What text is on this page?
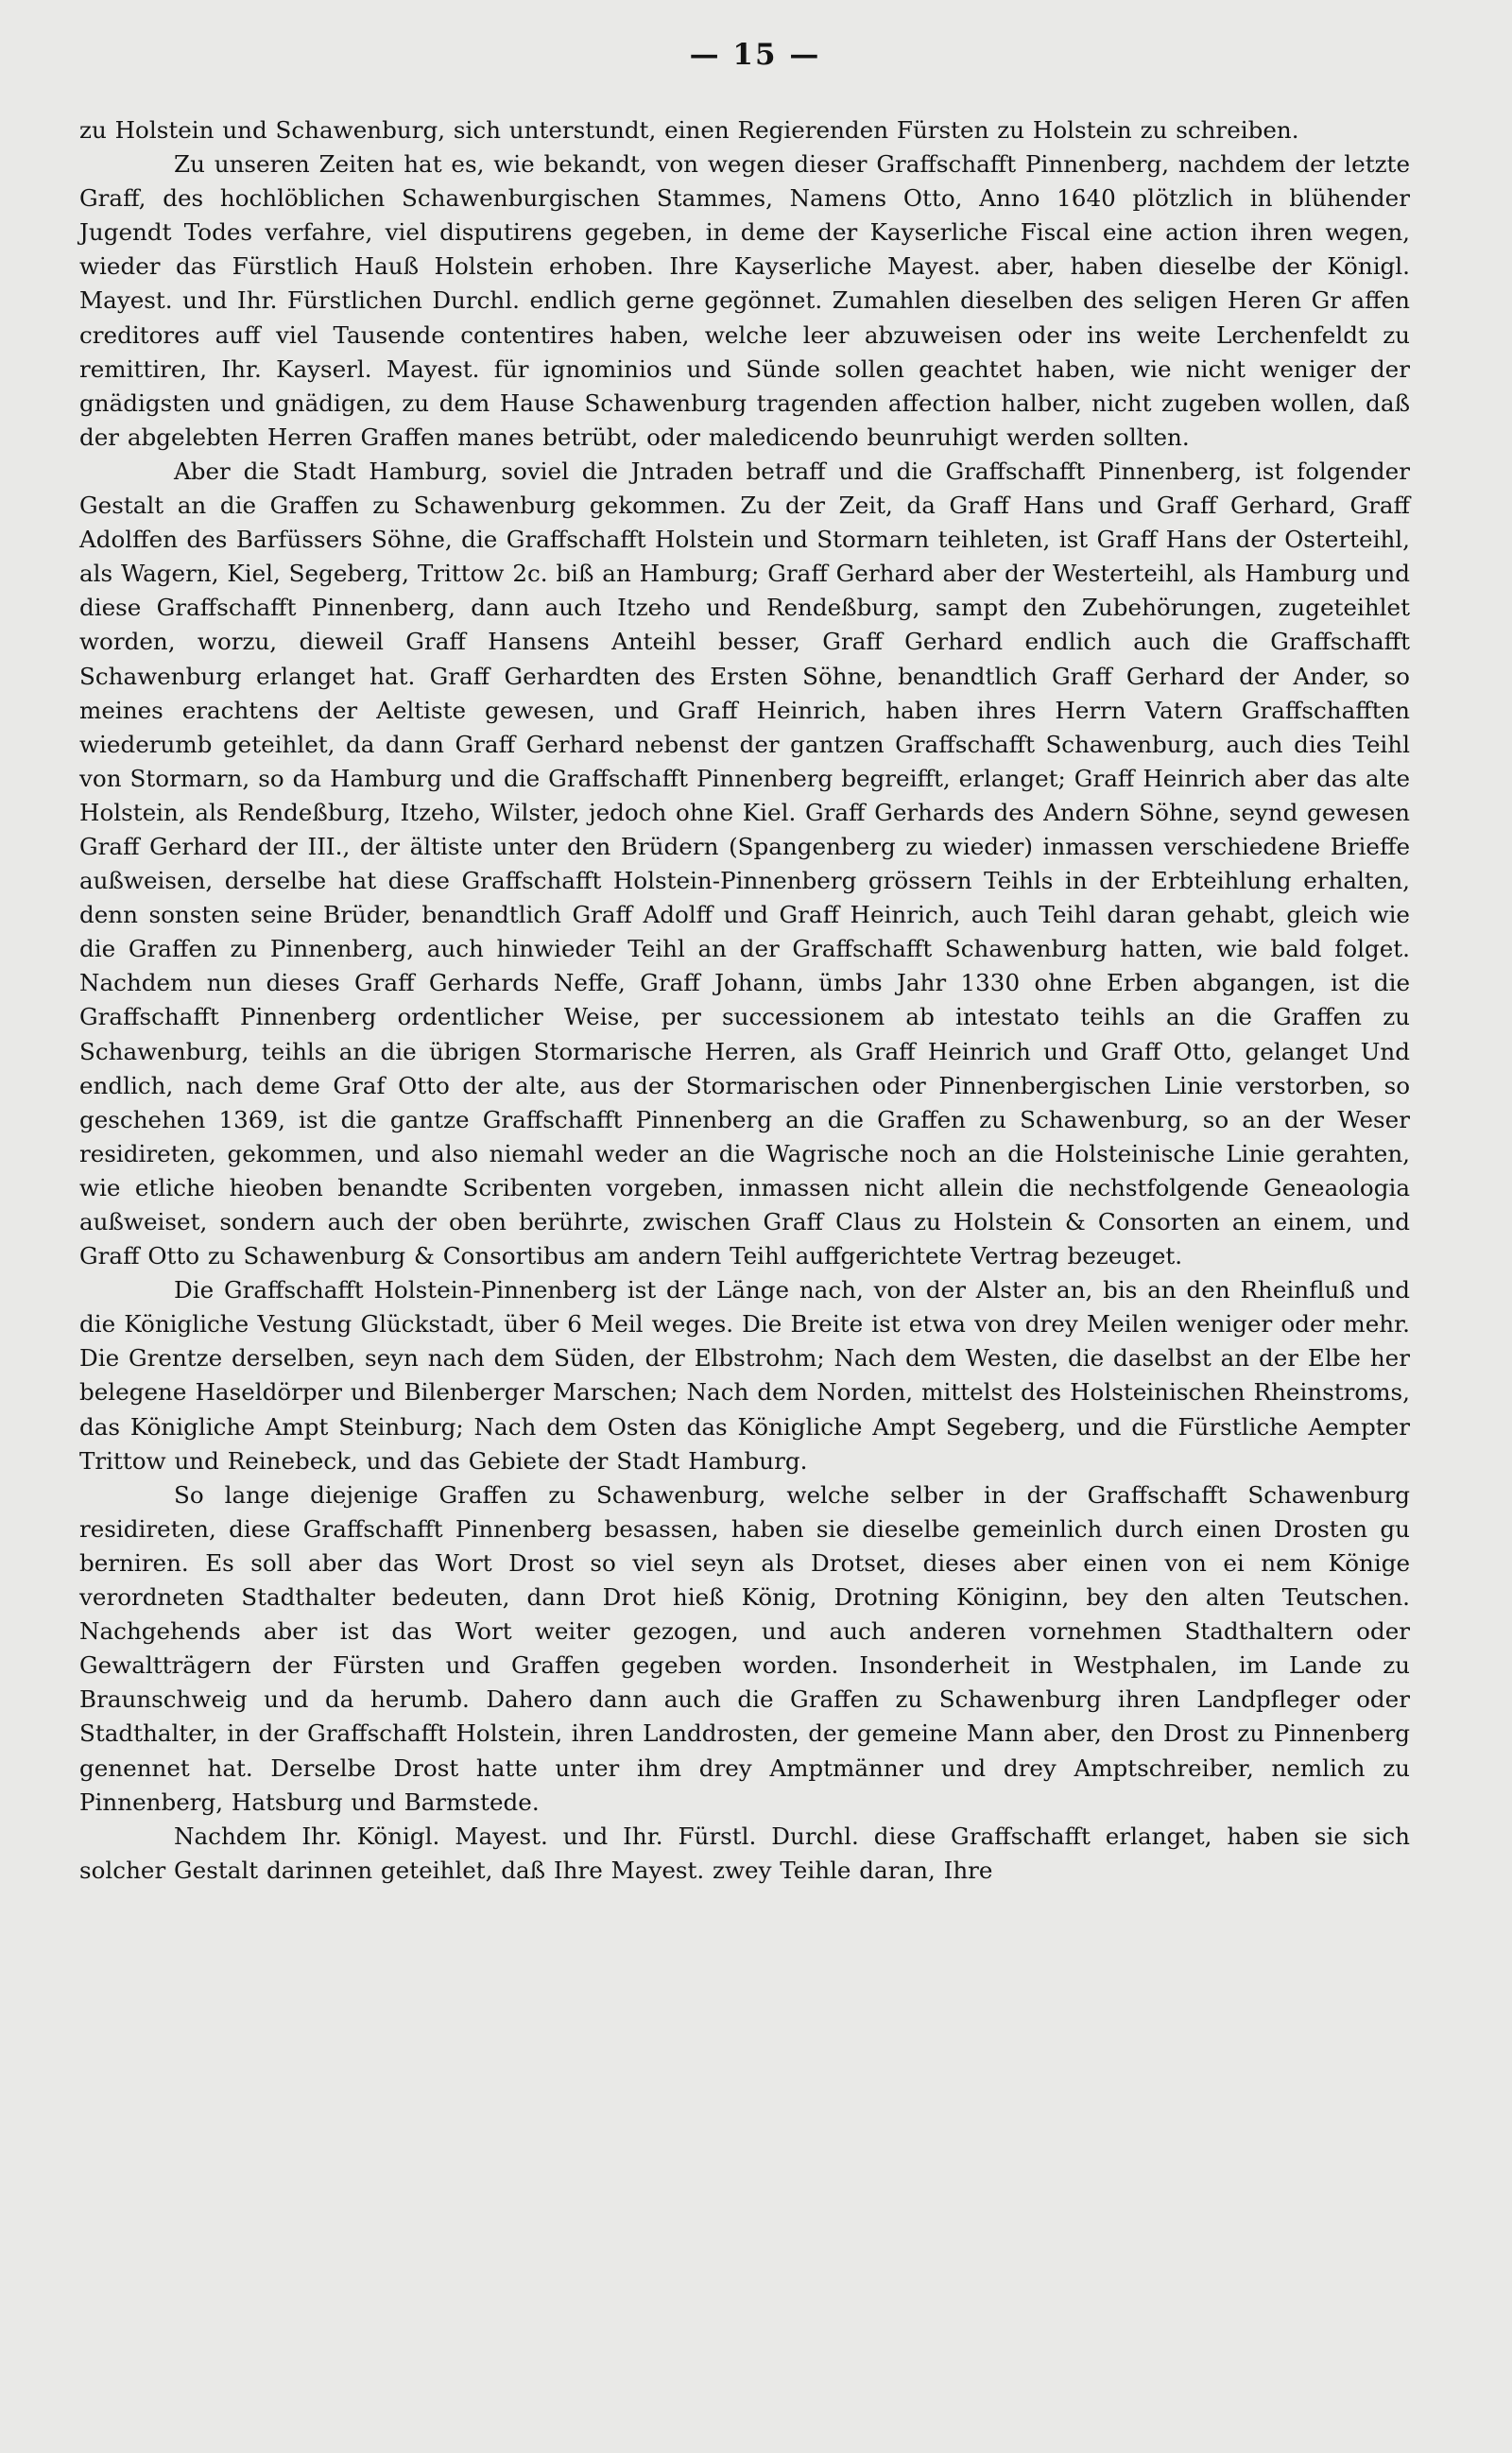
— 15 —

zu Holstein und Schawenburg, sich unterstundt, einen Regierenden Fürsten zu Holstein zu schreiben.

Zu unseren Zeiten hat es, wie bekandt, von wegen dieser Graffschafft Pinnenberg, nachdem der letzte Graff, des hochlöblichen Schawenburgischen Stammes, Namens Otto, Anno 1640 plötzlich in blühender Jugendt Todes verfahre, viel disputirens gegeben, in deme der Kayserliche Fiscal eine action ihren wegen, wieder das Fürstlich Hauß Holstein erhoben. Ihre Kayserliche Mayest. aber, haben dieselbe der Königl. Mayest. und Ihr. Fürstlichen Durchl. endlich gerne gegönnet. Zumahlen dieselben des seligen Heren Gr affen creditores auff viel Tausende contentires haben, welche leer abzuweisen oder ins weite Lerchenfeldt zu remittiren, Ihr. Kayserl. Mayest. für ignominios und Sünde sollen geachtet haben, wie nicht weniger der gnädigsten und gnädigen, zu dem Hause Schawenburg tragenden affection halber, nicht zugeben wollen, daß der abgelebten Herren Graffen manes betrübt, oder maledicendo beunruhigt werden sollten.

Aber die Stadt Hamburg, soviel die Jntraden betraff und die Graffschafft Pinnenberg, ist folgender Gestalt an die Graffen zu Schawenburg gekommen. Zu der Zeit, da Graff Hans und Graff Gerhard, Graff Adolffen des Barfüssers Söhne, die Graffschafft Holstein und Stormarn teihleten, ist Graff Hans der Osterteihl, als Wagern, Kiel, Segeberg, Trittow 2c. biß an Hamburg; Graff Gerhard aber der Westerteihl, als Hamburg und diese Graffschafft Pinnenberg, dann auch Itzeho und Rendeßburg, sampt den Zubehörungen, zugeteihlet worden, worzu, dieweil Graff Hansens Anteihl besser, Graff Gerhard endlich auch die Graffschafft Schawenburg erlanget hat. Graff Gerhardten des Ersten Söhne, benandtlich Graff Gerhard der Ander, so meines erachtens der Aeltiste gewesen, und Graff Heinrich, haben ihres Herrn Vatern Graffschafften wiederumb geteihlet, da dann Graff Gerhard nebenst der gantzen Graffschafft Schawenburg, auch dies Teihl von Stormarn, so da Hamburg und die Graffschafft Pinnenberg begreifft, erlanget; Graff Heinrich aber das alte Holstein, als Rendeßburg, Itzeho, Wilster, jedoch ohne Kiel. Graff Gerhards des Andern Söhne, seynd gewesen Graff Gerhard der III., der ältiste unter den Brüdern (Spangenberg zu wieder) inmassen verschiedene Brieffe außweisen, derselbe hat diese Graffschafft Holstein-Pinnenberg grössern Teihls in der Erbteihlung erhalten, denn sonsten seine Brüder, benandtlich Graff Adolff und Graff Heinrich, auch Teihl daran gehabt, gleich wie die Graffen zu Pinnenberg, auch hinwieder Teihl an der Graffschafft Schawenburg hatten, wie bald folget. Nachdem nun dieses Graff Gerhards Neffe, Graff Johann, ümbs Jahr 1330 ohne Erben abgangen, ist die Graffschafft Pinnenberg ordentlicher Weise, per successionem ab intestato teihls an die Graffen zu Schawenburg, teihls an die übrigen Stormarische Herren, als Graff Heinrich und Graff Otto, gelanget Und endlich, nach deme Graf Otto der alte, aus der Stormarischen oder Pinnenbergischen Linie verstorben, so geschehen 1369, ist die gantze Graffschafft Pinnenberg an die Graffen zu Schawenburg, so an der Weser residireten, gekommen, und also niemahl weder an die Wagrische noch an die Holsteinische Linie gerahten, wie etliche hieoben benandte Scribenten vorgeben, inmassen nicht allein die nechstfolgende Geneaologia außweiset, sondern auch der oben berührte, zwischen Graff Claus zu Holstein & Consorten an einem, und Graff Otto zu Schawenburg & Consortibus am andern Teihl auffgerichtete Vertrag bezeuget.

Die Graffschafft Holstein-Pinnenberg ist der Länge nach, von der Alster an, bis an den Rheinfluß und die Königliche Vestung Glückstadt, über 6 Meil weges. Die Breite ist etwa von drey Meilen weniger oder mehr. Die Grentze derselben, seyn nach dem Süden, der Elbstrohm; Nach dem Westen, die daselbst an der Elbe her belegene Haseldörper und Bilenberger Marschen; Nach dem Norden, mittelst des Holsteinischen Rheinstroms, das Königliche Ampt Steinburg; Nach dem Osten das Königliche Ampt Segeberg, und die Fürstliche Aempter Trittow und Reinebeck, und das Gebiete der Stadt Hamburg.

So lange diejenige Graffen zu Schawenburg, welche selber in der Graffschafft Schawenburg residireten, diese Graffschafft Pinnenberg besassen, haben sie dieselbe gemeinlich durch einen Drosten gu berniren. Es soll aber das Wort Drost so viel seyn als Drotset, dieses aber einen von ei nem Könige verordneten Stadthalter bedeuten, dann Drot hieß König, Drotning Königinn, bey den alten Teutschen. Nachgehends aber ist das Wort weiter gezogen, und auch anderen vornehmen Stadthaltern oder Gewaltträgern der Fürsten und Graffen gegeben worden. Insonderheit in Westphalen, im Lande zu Braunschweig und da herumb. Dahero dann auch die Graffen zu Schawenburg ihren Landpfleger oder Stadthalter, in der Graffschafft Holstein, ihren Landdrosten, der gemeine Mann aber, den Drost zu Pinnenberg genennet hat. Derselbe Drost hatte unter ihm drey Amptmänner und drey Amptschreiber, nemlich zu Pinnenberg, Hatsburg und Barmstede.

Nachdem Ihr. Königl. Mayest. und Ihr. Fürstl. Durchl. diese Graffschafft erlanget, haben sie sich solcher Gestalt darinnen geteihlet, daß Ihre Mayest. zwey Teihle daran, Ihre
